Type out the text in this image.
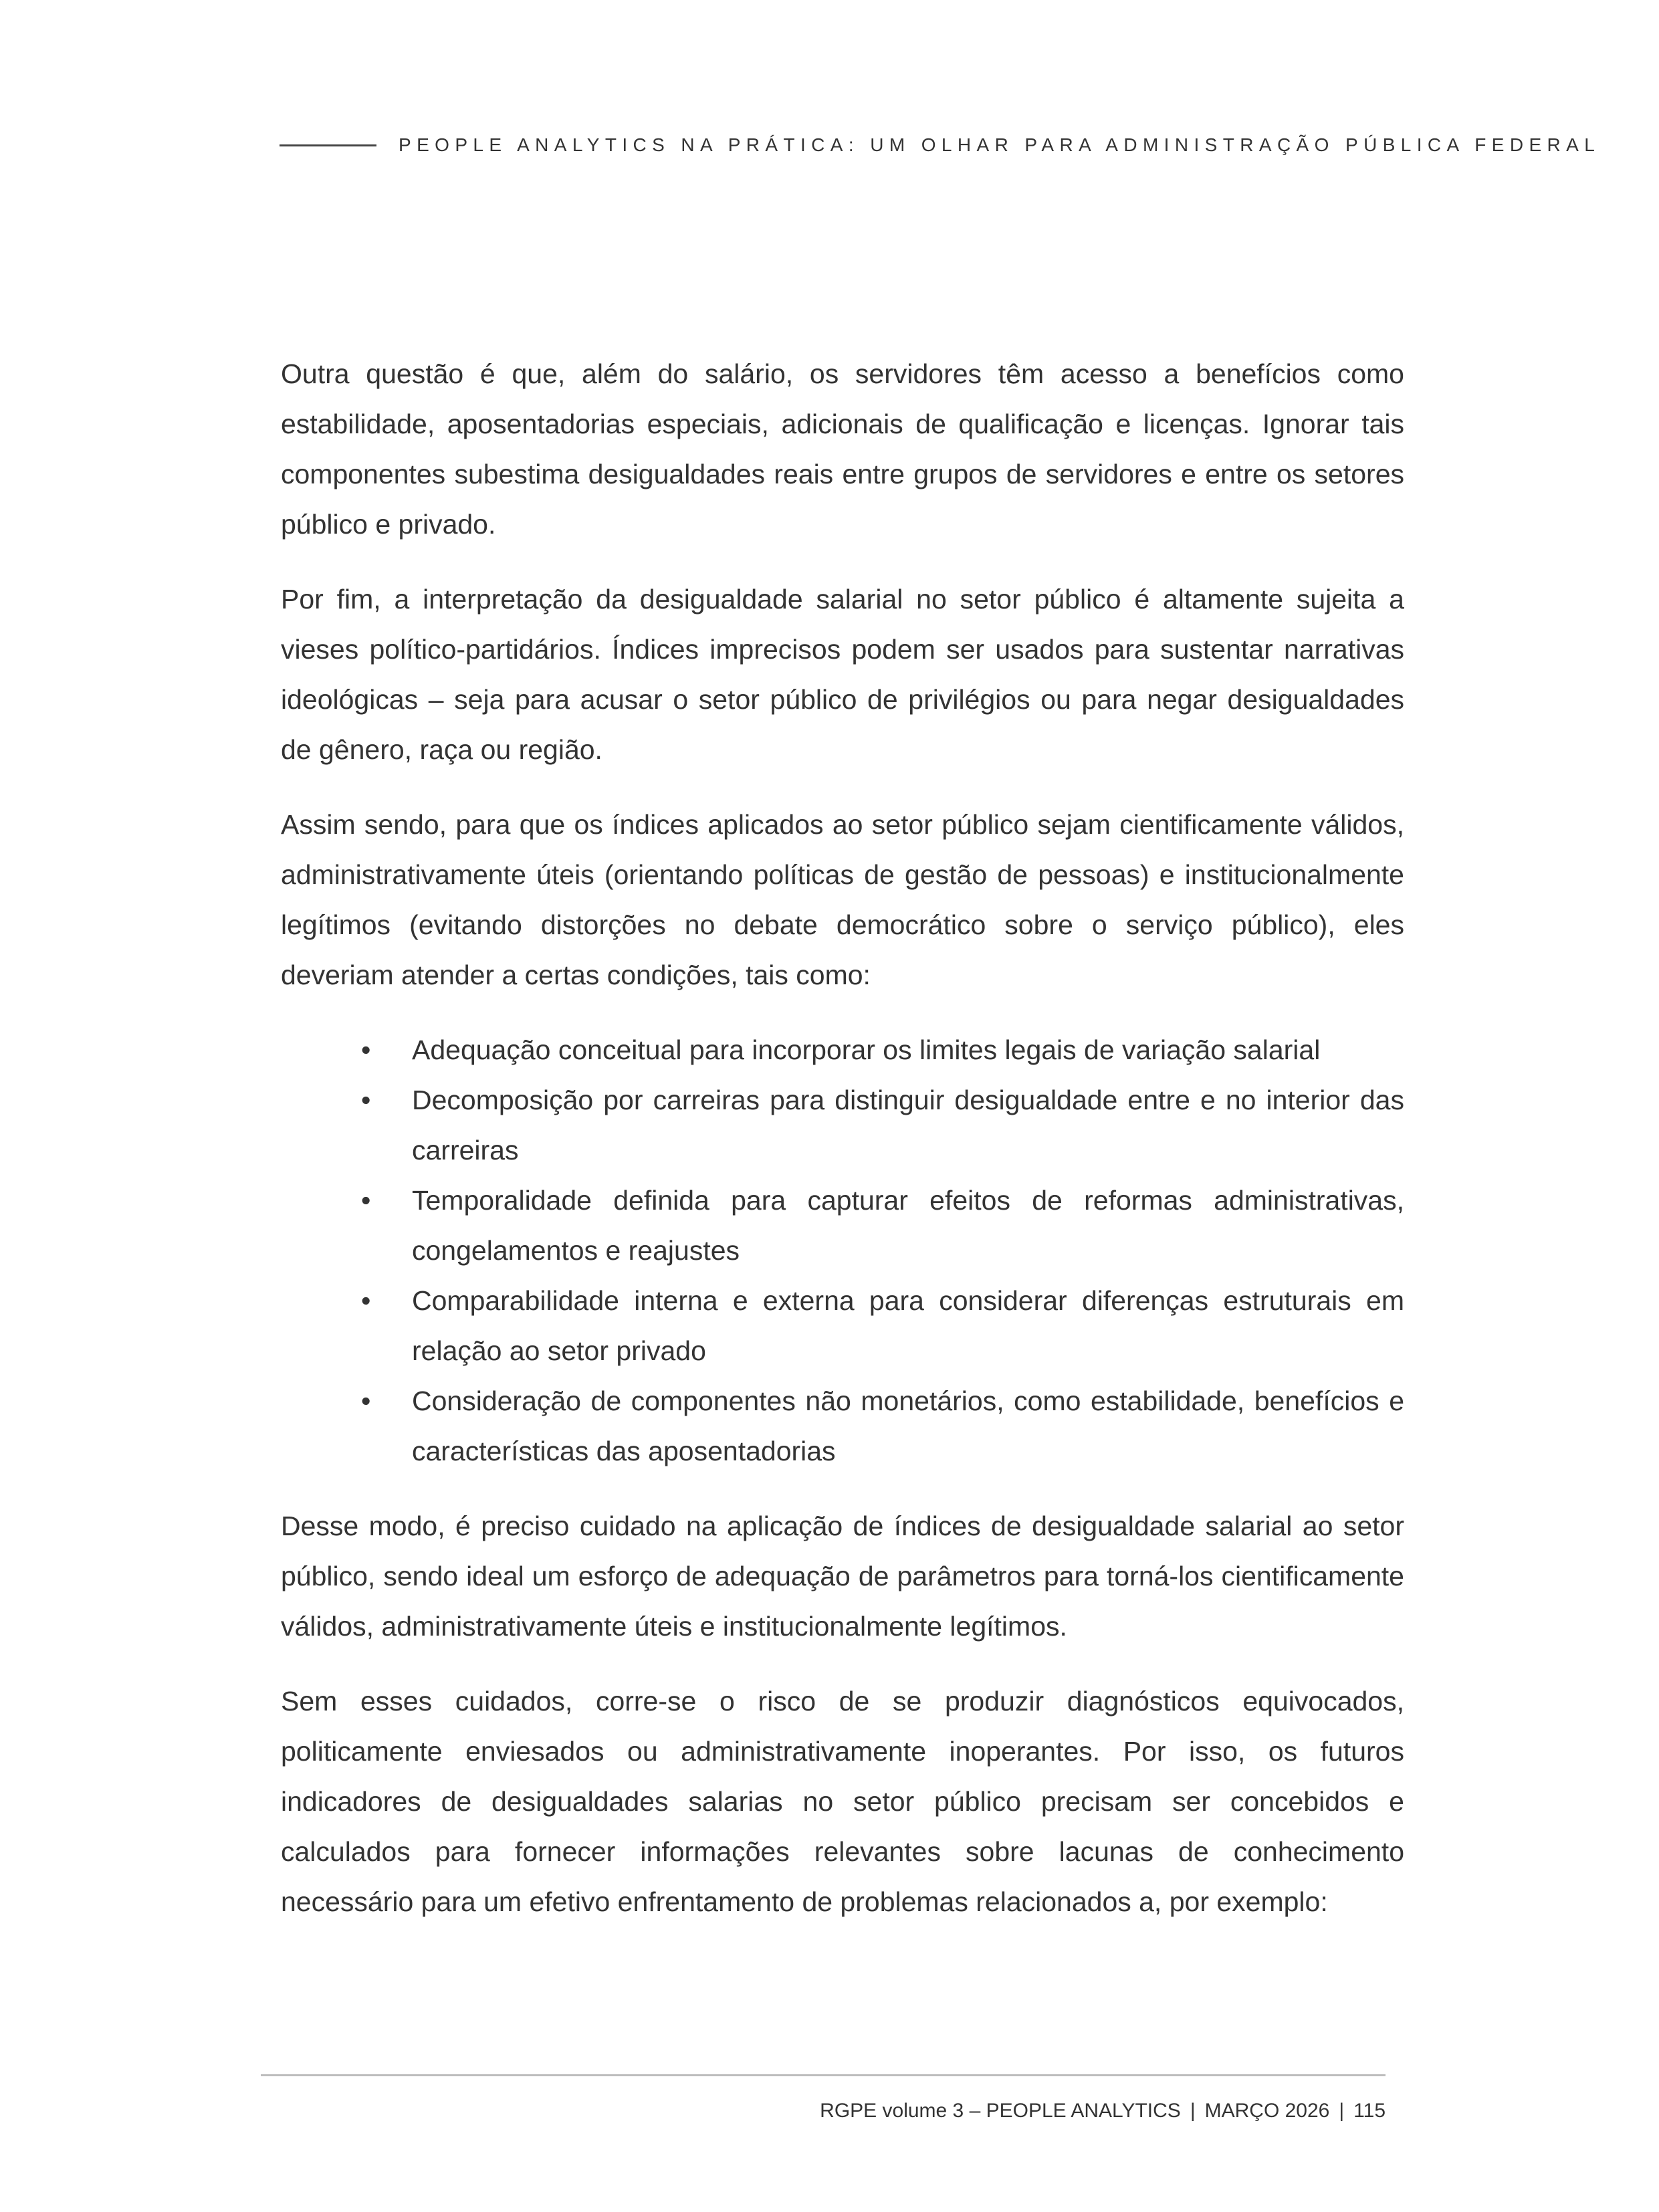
PEOPLE ANALYTICS NA PRÁTICA: UM OLHAR PARA ADMINISTRAÇÃO PÚBLICA FEDERAL

Outra questão é que, além do salário, os servidores têm acesso a benefícios como estabilidade, aposentadorias especiais, adicionais de qualificação e licenças. Ignorar tais componentes subestima desigualdades reais entre grupos de servidores e entre os setores público e privado.

Por fim, a interpretação da desigualdade salarial no setor público é altamente sujeita a vieses político-partidários. Índices imprecisos podem ser usados para sustentar narrativas ideológicas – seja para acusar o setor público de privilégios ou para negar desigualdades de gênero, raça ou região.

Assim sendo, para que os índices aplicados ao setor público sejam cientificamente válidos, administrativamente úteis (orientando políticas de gestão de pessoas) e institucionalmente legítimos (evitando distorções no debate democrático sobre o serviço público), eles deveriam atender a certas condições, tais como:

• Adequação conceitual para incorporar os limites legais de variação salarial
• Decomposição por carreiras para distinguir desigualdade entre e no interior das carreiras
• Temporalidade definida para capturar efeitos de reformas administrativas, congelamentos e reajustes
• Comparabilidade interna e externa para considerar diferenças estruturais em relação ao setor privado
• Consideração de componentes não monetários, como estabilidade, benefícios e características das aposentadorias

Desse modo, é preciso cuidado na aplicação de índices de desigualdade salarial ao setor público, sendo ideal um esforço de adequação de parâmetros para torná-los cientificamente válidos, administrativamente úteis e institucionalmente legítimos.

Sem esses cuidados, corre-se o risco de se produzir diagnósticos equivocados, politicamente enviesados ou administrativamente inoperantes. Por isso, os futuros indicadores de desigualdades salarias no setor público precisam ser concebidos e calculados para fornecer informações relevantes sobre lacunas de conhecimento necessário para um efetivo enfrentamento de problemas relacionados a, por exemplo:

RGPE volume 3 – PEOPLE ANALYTICS | MARÇO 2026 | 115
